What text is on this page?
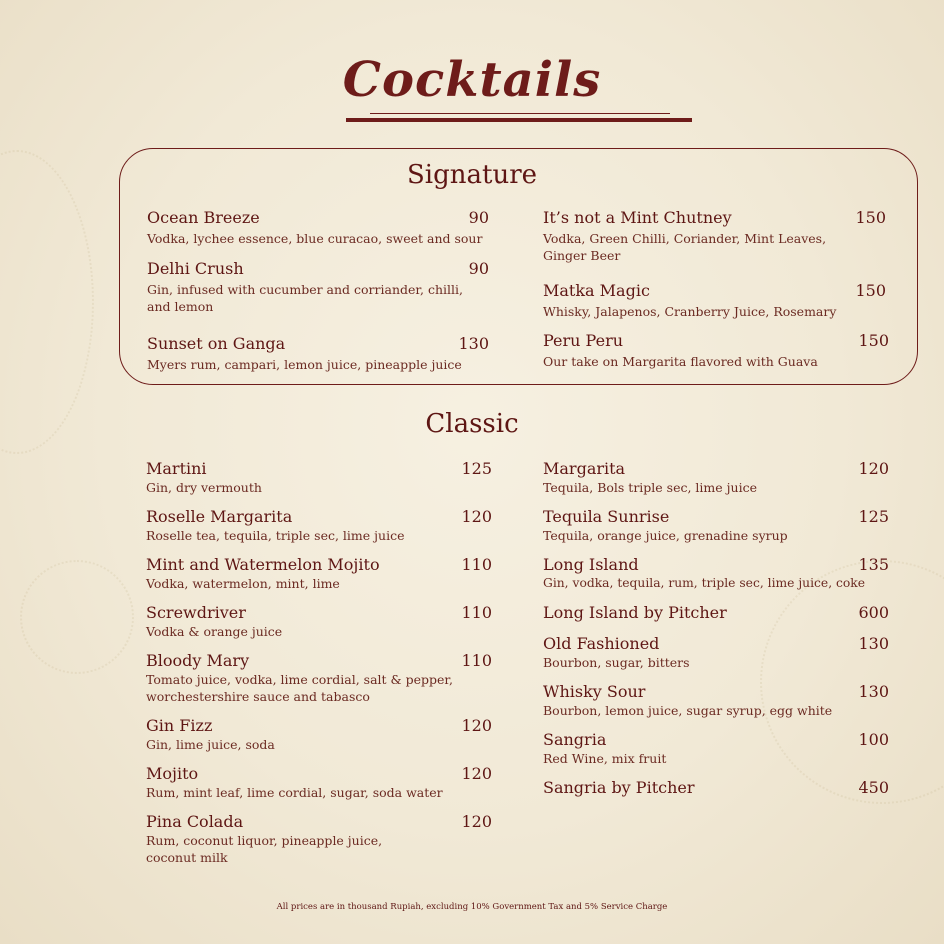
Cocktails
Signature
Ocean Breeze	90
Vodka, lychee essence, blue curacao, sweet and sour
Delhi Crush	90
Gin, infused with cucumber and corriander, chilli, and lemon
Sunset on Ganga	130
Myers rum, campari, lemon juice, pineapple juice
It’s not a Mint Chutney	150
Vodka, Green Chilli, Coriander, Mint Leaves, Ginger Beer
Matka Magic	150
Whisky, Jalapenos, Cranberry Juice, Rosemary
Peru Peru	150
Our take on Margarita flavored with Guava
Classic
Martini	125
Gin, dry vermouth
Roselle Margarita	120
Roselle tea, tequila, triple sec, lime juice
Mint and Watermelon Mojito	110
Vodka, watermelon, mint, lime
Screwdriver	110
Vodka & orange juice
Bloody Mary	110
Tomato juice, vodka, lime cordial, salt & pepper, worchestershire sauce and tabasco
Gin Fizz	120
Gin, lime juice, soda
Mojito	120
Rum, mint leaf, lime cordial, sugar, soda water
Pina Colada	120
Rum, coconut liquor, pineapple juice, coconut milk
Margarita	120
Tequila, Bols triple sec, lime juice
Tequila Sunrise	125
Tequila, orange juice, grenadine syrup
Long Island	135
Gin, vodka, tequila, rum, triple sec, lime juice, coke
Long Island by Pitcher	600
Old Fashioned	130
Bourbon, sugar, bitters
Whisky Sour	130
Bourbon, lemon juice, sugar syrup, egg white
Sangria	100
Red Wine, mix fruit
Sangria by Pitcher	450
All prices are in thousand Rupiah, excluding 10% Government Tax and 5% Service Charge
